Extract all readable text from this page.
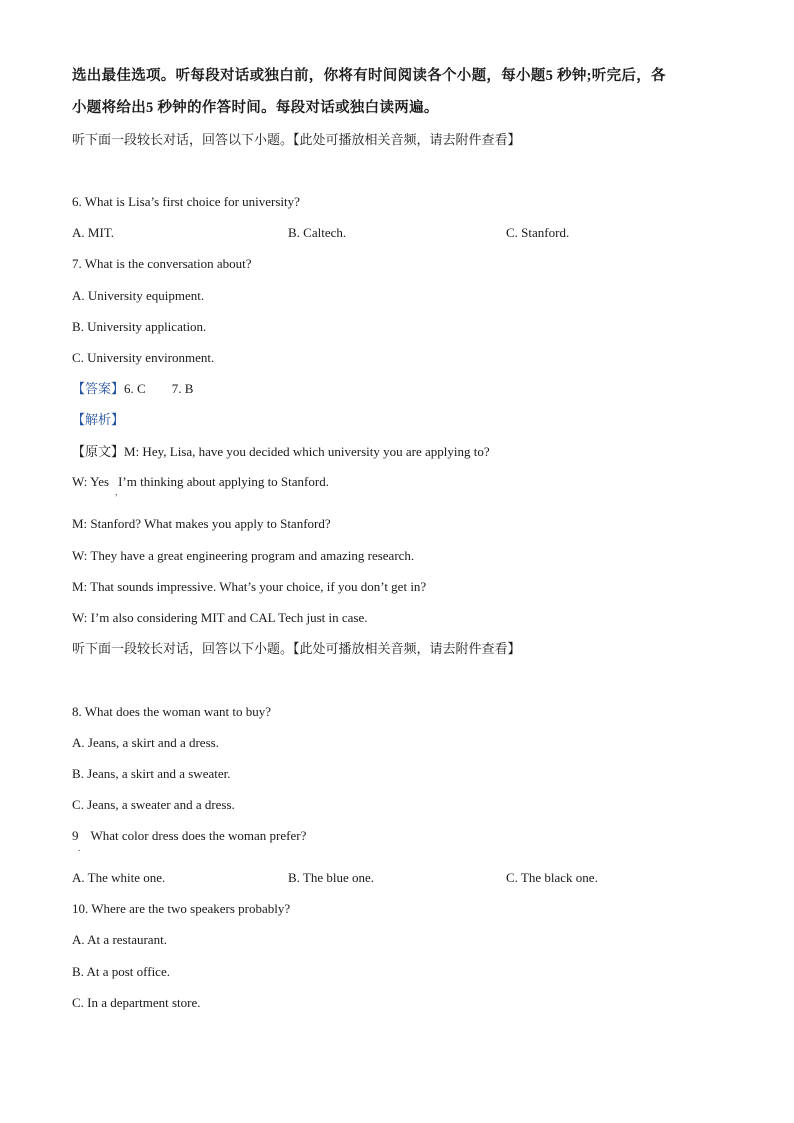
选出最佳选项。听每段对话或独白前，你将有时间阅读各个小题，每小题5 秒钟;听完后，各
小题将给出5 秒钟的作答时间。每段对话或独白读两遍。
听下面一段较长对话，回答以下小题。【此处可播放相关音频，请去附件查看】
6. What is Lisa’s first choice for university?
A. MIT.	B. Caltech.	C. Stanford.
7. What is the conversation about?
A. University equipment.
B. University application.
C. University environment.
【答案】6. C 7. B
【解析】
【原文】M: Hey, Lisa, have you decided which university you are applying to?
W: Yes I’m thinking about applying to Stanford.
,
M: Stanford? What makes you apply to Stanford?
W: They have a great engineering program and amazing research.
M: That sounds impressive. What’s your choice, if you don’t get in?
W: I’m also considering MIT and CAL Tech just in case.
听下面一段较长对话，回答以下小题。【此处可播放相关音频，请去附件查看】
8. What does the woman want to buy?
A. Jeans, a skirt and a dress.
B. Jeans, a skirt and a sweater.
C. Jeans, a sweater and a dress.
9 What color dress does the woman prefer?
.
A. The white one.	B. The blue one.	C. The black one.
10. Where are the two speakers probably?
A. At a restaurant.
B. At a post office.
C. In a department store.
